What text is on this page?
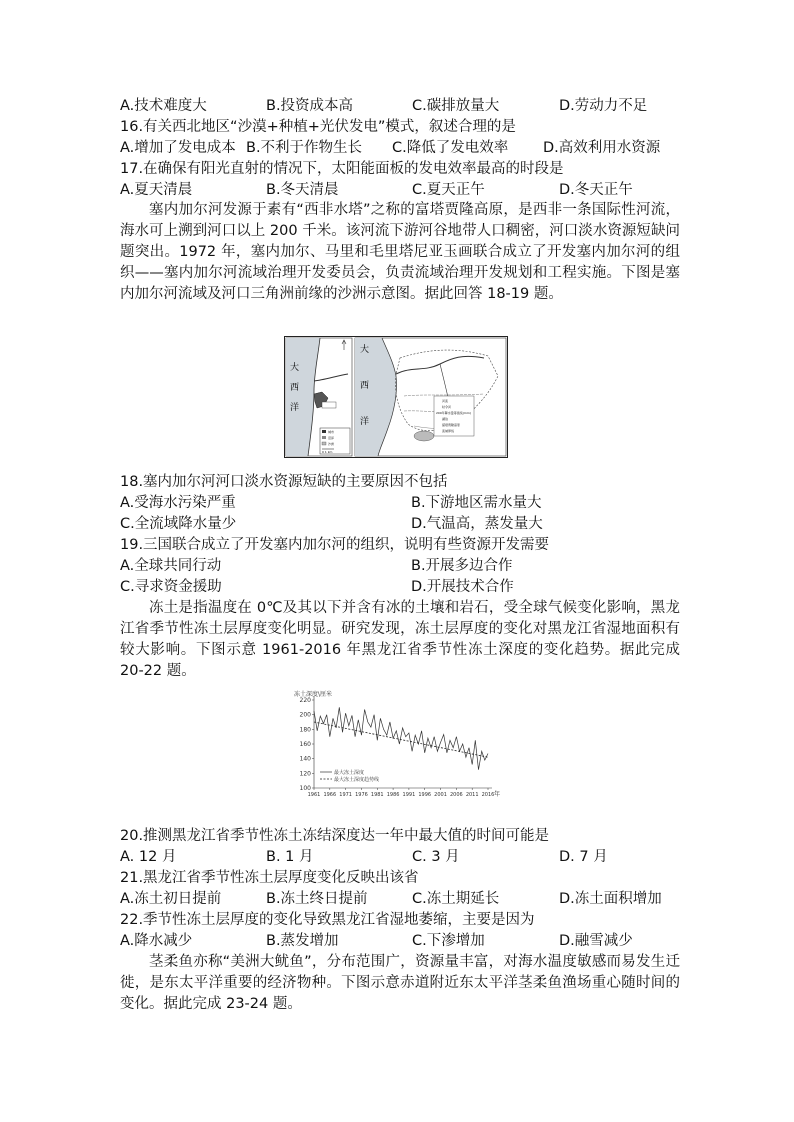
A.技术难度大	B.投资成本高	C.碳排放量大	D.劳动力不足
16.有关西北地区“沙漠+种植+光伏发电”模式，叙述合理的是
A.增加了发电成本 B.不利于作物生长 C.降低了发电效率 D.高效利用水资源
17.在确保有阳光直射的情况下，太阳能面板的发电效率最高的时段是
A.夏天清晨	B.冬天清晨	C.夏天正午	D.冬天正午
塞内加尔河发源于素有“西非水塔”之称的富塔贾隆高原，是西非一条国际性河流，海水可上溯到河口以上 200 千米。该河流下游河谷地带人口稠密，河口淡水资源短缺问题突出。1972 年，塞内加尔、马里和毛里塔尼亚玉画联合成立了开发塞内加尔河的组织——塞内加尔河流域治理开发委员会，负责流域治理开发规划和工程实施。下图是塞内加尔河流域及河口三角洲前缘的沙洲示意图。据此回答 18-19 题。
大
西
洋
城市
沼泽
沙洲
0 1 km
大
西
洋
河流
时令河
200年降水量等值线(mm)
湖泊
富塔贾隆高原
流域界线
18.塞内加尔河河口淡水资源短缺的主要原因不包括
A.受海水污染严重	B.下游地区需水量大
C.全流域降水量少	D.气温高，蒸发量大
19.三国联合成立了开发塞内加尔河的组织，说明有些资源开发需要
A.全球共同行动	B.开展多边合作
C.寻求资金援助	D.开展技术合作
冻土是指温度在 0℃及其以下并含有冰的土壤和岩石，受全球气候变化影响，黑龙江省季节性冻土层厚度变化明显。研究发现，冻土层厚度的变化对黑龙江省湿地面积有较大影响。下图示意 1961-2016 年黑龙江省季节性冻土深度的变化趋势。据此完成 20-22 题。
冻土深度\厘米
年
100
120
140
160
180
200
220
1961 1966 1971 1976 1981 1986 1991 1996 2001 2006 2011 2016
最大冻土深度
最大冻土深度趋势线
20.推测黑龙江省季节性冻土冻结深度达一年中最大值的时间可能是
A. 12 月	B. 1 月	C. 3 月	D. 7 月
21.黑龙江省季节性冻土层厚度变化反映出该省
A.冻土初日提前	B.冻土终日提前	C.冻土期延长	D.冻土面积增加
22.季节性冻土层厚度的变化导致黑龙江省湿地萎缩，主要是因为
A.降水减少	B.蒸发增加	C.下渗增加	D.融雪减少
茎柔鱼亦称“美洲大鱿鱼”，分布范围广，资源量丰富，对海水温度敏感而易发生迁徙，是东太平洋重要的经济物种。下图示意赤道附近东太平洋茎柔鱼渔场重心随时间的变化。据此完成 23-24 题。
